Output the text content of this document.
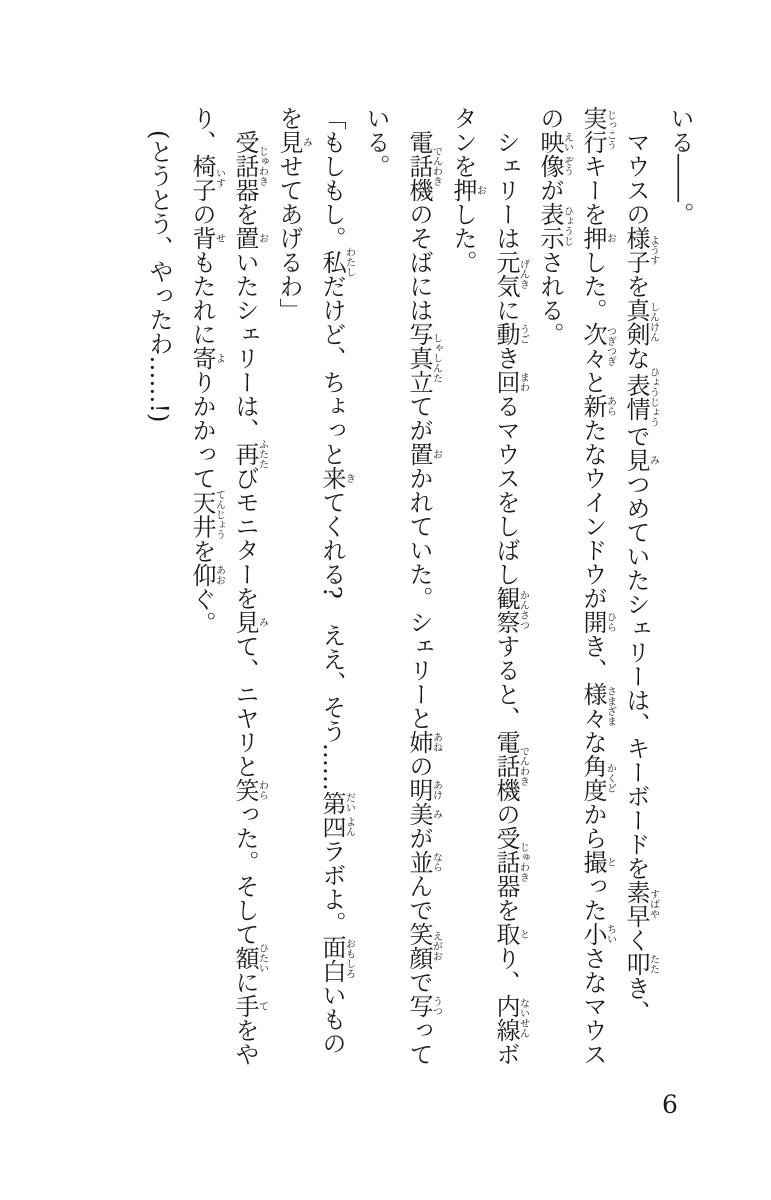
いる――。

マウスの様子ようすを真剣しんけんな表情ひょうじょうで見みつめていたシェリーは、キーボードを素早すばやく叩たたき、実行じっこうキーを押おした。次々つぎつぎと新あらたなウインドウが開ひらき、様々さまざまな角度かくどから撮とった小ちいさなマウスの映えい像ぞうが表示ひょうじされる。

シェリーは元気げんきに動うごき回まわるマウスをしばし観察かんさつすると、電話機でんわきの受話器じゅわきを取とり、内線ないせんボタンを押おした。

電話機でんわきのそばには写真立しゃしんたてが置おかれていた。シェリーと姉あねの明あけ美みが並ならんで笑顔えがおで写うつっている。

「もしもし。私わたしだけど、ちょっと来きてくれる?　ええ、そう……第だい四よんラボよ。面白おもしろいものを見みせてあげるわ」

受話器じゅわきを置おいたシェリーは、再ふたたびモニターを見みて、ニヤリと笑わらった。そして額ひたいに手てをやり、椅子いすの背せもたれに寄よりかかって天井てんじょうを仰あおぐ。

(とうとう、やったわ……!)

6
